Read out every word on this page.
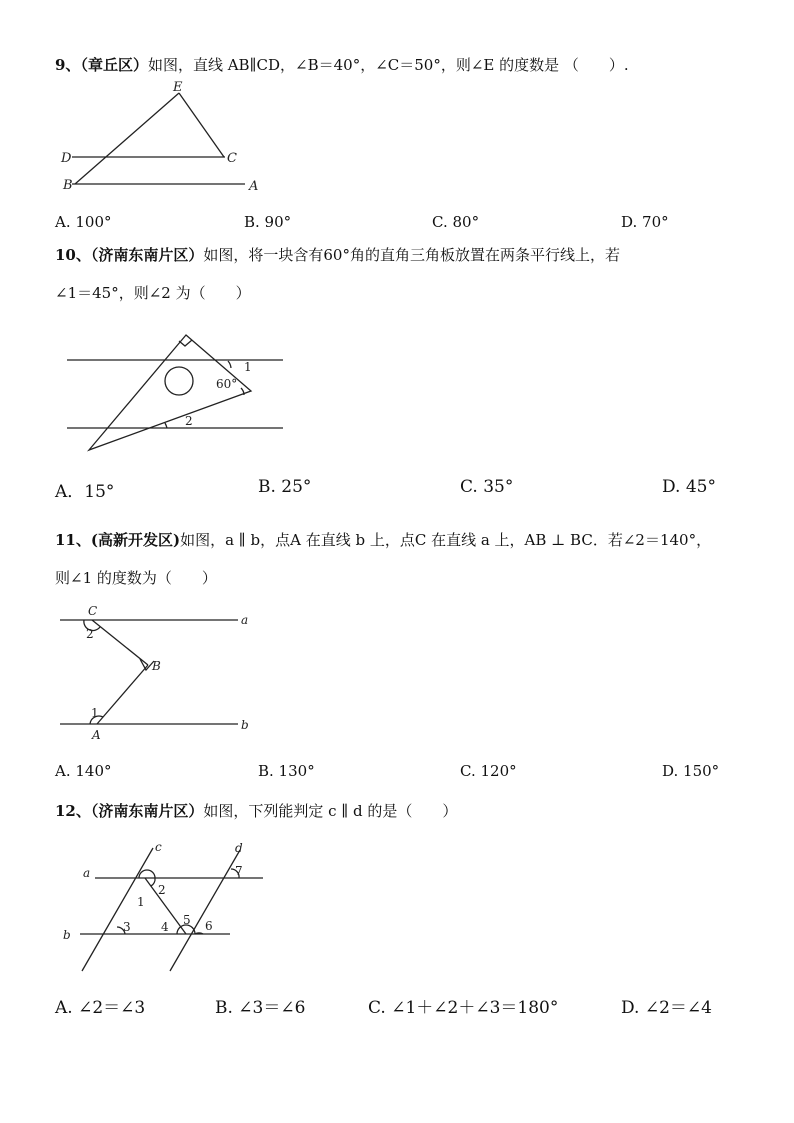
9、（章丘区）如图，直线 AB∥CD，∠B＝40°，∠C＝50°，则∠E 的度数是 （　　）.
E
D	C
B	A
A. 100°	B. 90°	C. 80°	D. 70°
10、（济南东南片区）如图，将一块含有60°角的直角三角板放置在两条平行线上，若
∠1＝45°，则∠2 为（　　）
1
60°
2
A．15°	B. 25°	C. 35°	D. 45°
11、(高新开发区)如图，a ∥ b，点A 在直线 b 上，点C 在直线 a 上，AB ⊥ BC．若∠2＝140°，
则∠1 的度数为（　　）
C
a
2
B
1
A
b
A. 140°	B. 130°	C. 120°	D. 150°
12、（济南东南片区）如图，下列能判定 c ∥ d 的是（　　）
c	d
a
b
1
2
3	4 5 6
7
A. ∠2＝∠3	B. ∠3＝∠6	C. ∠1＋∠2＋∠3＝180°	D. ∠2＝∠4
